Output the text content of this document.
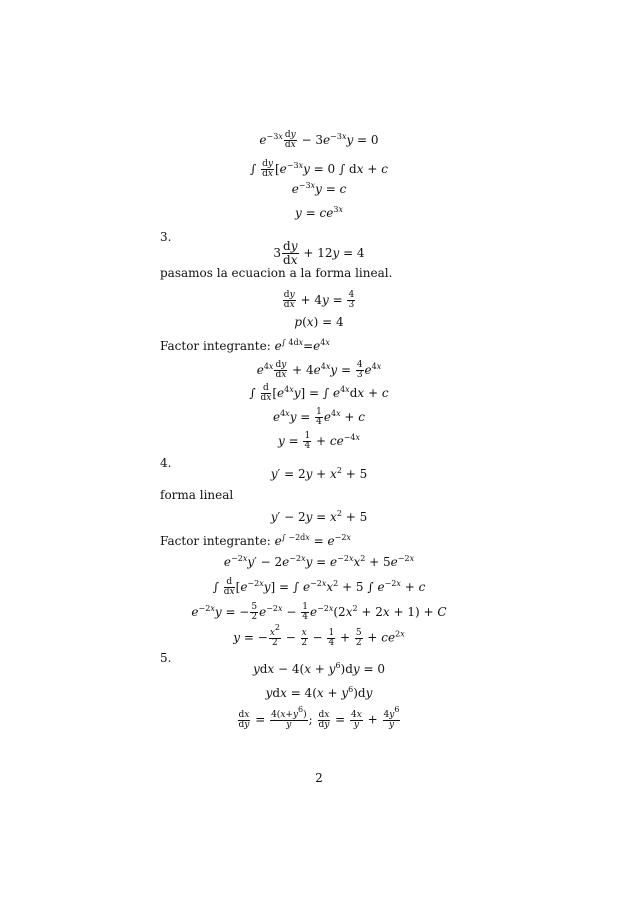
$e^{-3x} \frac{dy}{dx} - 3e^{-3x}y = 0$
∫ $\frac{dy}{dx} [e^{-3x}y = 0$ ∫ dx + c
$e^{-3x}y = c$
$y = ce^{3x}$
3.
$3 \frac{dy}{dx} + 12y = 4$
pasamos la ecuacion a la forma lineal.
$\frac{dy}{dx} + 4y = \frac{4}{3}$
p(x) = 4
Factor integrante: $e^{\int 4dx}=e^{4x}$
$e^{4x} \frac{dy}{dx} + 4e^{4x}y = \frac{4}{3} e^{4x}$
∫ $\frac{d}{dx} [e^{4x}y]$ = ∫ $e^{4x}dx + c$
$e^{4x}y = \frac{1}{4} e^{4x} + c$
$y = \frac{1}{4} + ce^{-4x}$
4.
$y' = 2y + x^2 + 5$
forma lineal
$y' - 2y = x^2 + 5$
Factor integrante: $e^{\int -2dx} = e^{-2x}$
$e^{-2x}y' - 2e^{-2x}y = e^{-2x}x^2 + 5e^{-2x}$
∫ $\frac{d}{dx} [e^{-2x}y]$ = ∫ $e^{-2x}x^2 + 5$ ∫ $e^{-2x} + c$
$e^{-2x}y$ = − $\frac{5}{2} e^{-2x} - \frac{1}{4} e^{-2x}(2x^2 + 2x + 1) + C$
y = − $\frac{x^2}{2} - \frac{x}{2} - \frac{1}{4} + \frac{5}{2} + ce^{2x}$
5.
ydx − $4(x + y^6)dy = 0$
ydx = $4(x + y^6)dy$
$\frac{dx}{dy} = \frac{4(x+y^6)}{y}$ ; $\frac{dx}{dy} = \frac{4x}{y} + \frac{4y^6}{y}$
2
